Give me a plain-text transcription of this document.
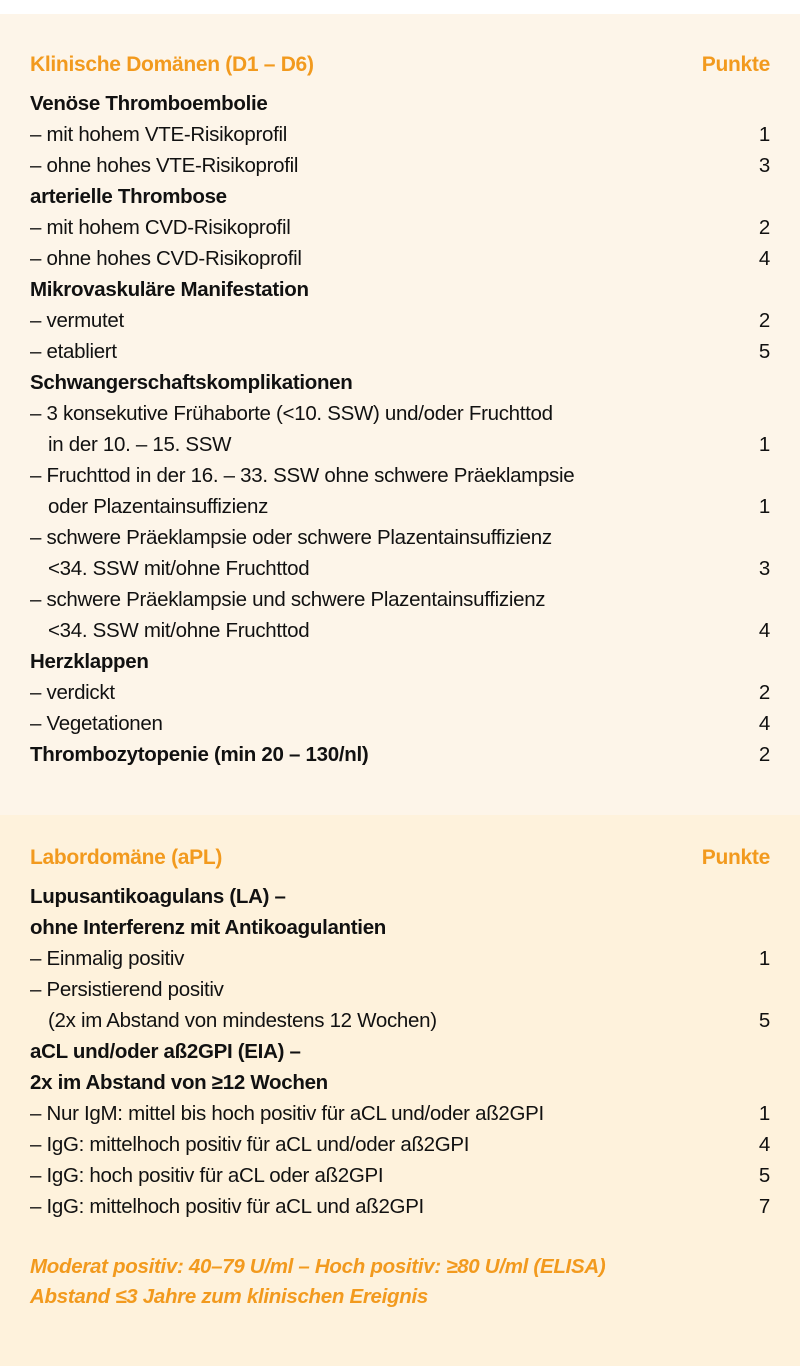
Klinische Domänen (D1 – D6)	Punkte
Venöse Thromboembolie
– mit hohem VTE-Risikoprofil	1
– ohne hohes VTE-Risikoprofil	3
arterielle Thrombose
– mit hohem CVD-Risikoprofil	2
– ohne hohes CVD-Risikoprofil	4
Mikrovaskuläre Manifestation
– vermutet	2
– etabliert	5
Schwangerschaftskomplikationen
– 3 konsekutive Frühaborte (<10. SSW) und/oder Fruchttod
in der 10. – 15. SSW	1
– Fruchttod in der 16. – 33. SSW ohne schwere Präeklampsie
oder Plazentainsuffizienz	1
– schwere Präeklampsie oder schwere Plazentainsuffizienz
<34. SSW mit/ohne Fruchttod	3
– schwere Präeklampsie und schwere Plazentainsuffizienz
<34. SSW mit/ohne Fruchttod	4
Herzklappen
– verdickt	2
– Vegetationen	4
Thrombozytopenie (min 20 – 130/nl)	2
Labordomäne (aPL)	Punkte
Lupusantikoagulans (LA) –
ohne Interferenz mit Antikoagulantien
– Einmalig positiv	1
– Persistierend positiv
(2x im Abstand von mindestens 12 Wochen)	5
aCL und/oder aß2GPI (EIA) –
2x im Abstand von ≥12 Wochen
– Nur IgM: mittel bis hoch positiv für aCL und/oder aß2GPI	1
– IgG: mittelhoch positiv für aCL und/oder aß2GPI	4
– IgG: hoch positiv für aCL oder aß2GPI	5
– IgG: mittelhoch positiv für aCL und aß2GPI	7
Moderat positiv: 40–79 U/ml – Hoch positiv: ≥80 U/ml (ELISA)
Abstand ≤3 Jahre zum klinischen Ereignis
